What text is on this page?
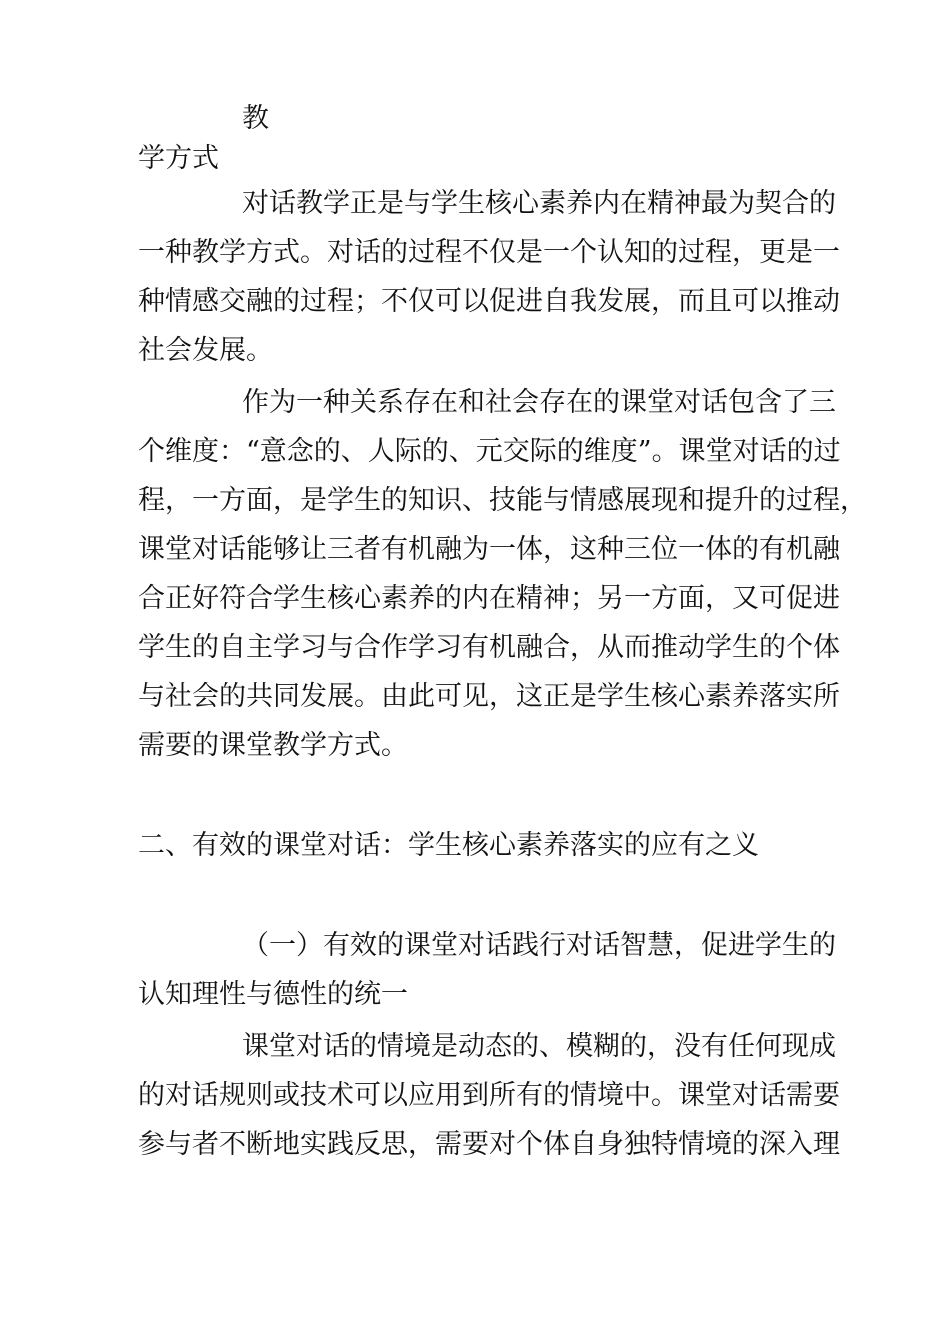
教
学方式
对话教学正是与学生核心素养内在精神最为契合的
一种教学方式。对话的过程不仅是一个认知的过程，更是一
种情感交融的过程；不仅可以促进自我发展，而且可以推动
社会发展。
作为一种关系存在和社会存在的课堂对话包含了三
个维度：“意念的、人际的、元交际的维度”。课堂对话的过
程，一方面，是学生的知识、技能与情感展现和提升的过程，
课堂对话能够让三者有机融为一体，这种三位一体的有机融
合正好符合学生核心素养的内在精神；另一方面，又可促进
学生的自主学习与合作学习有机融合，从而推动学生的个体
与社会的共同发展。由此可见，这正是学生核心素养落实所
需要的课堂教学方式。
二、有效的课堂对话：学生核心素养落实的应有之义
（一）有效的课堂对话践行对话智慧，促进学生的
认知理性与德性的统一
课堂对话的情境是动态的、模糊的，没有任何现成
的对话规则或技术可以应用到所有的情境中。课堂对话需要
参与者不断地实践反思，需要对个体自身独特情境的深入理
